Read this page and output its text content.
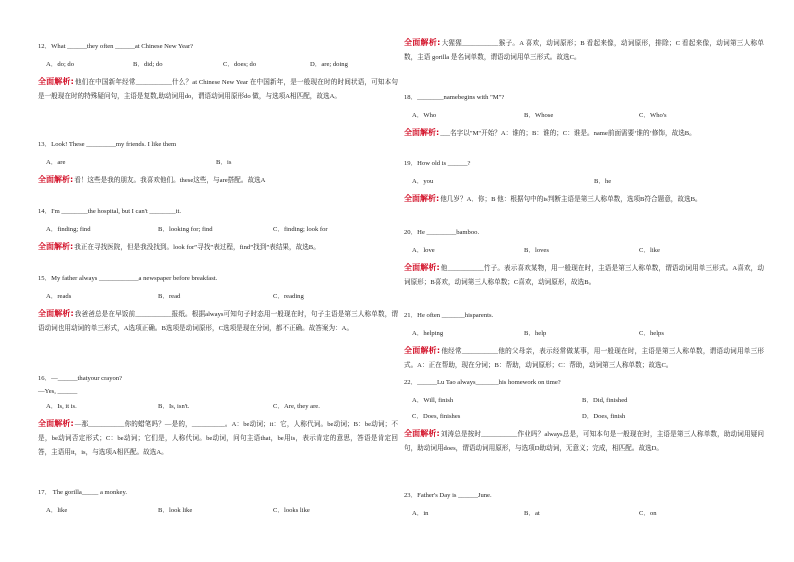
12．What ______they often ______at Chinese New Year?
A．do; do	B．did; do	C．does; do	D．are; doing
全面解析:他们在中国新年经常___________什么？at Chinese New Year 在中国新年，是一般现在时的时间状语，可知本句是一般现在时的特殊疑问句，主语是复数,助动词用do，谓语动词用原形do 做，与选项A相匹配，故选A。
13．Look! These _________my friends. I like them
A．are	B．is
全面解析:看！这些是我的朋友。我喜欢他们。these这些，与are搭配。故选A
14．I'm ________the hospital, but I can't ________it.
A．finding; find	B．looking for; find	C．finding; look for
全面解析:我正在寻找医院，但是我没找到。look for”寻找”表过程，find”找到”表结果，故选B。
15．My father always ____________a newspaper before breakfast.
A．reads	B．read	C．reading
全面解析:我爸爸总是在早饭前___________报纸。根据always可知句子时态用一般现在时，句子主语是第三人称单数，谓语动词也用动词的单三形式，A选项正确。B选项是动词原形，C选项是现在分词，都不正确。故答案为：A。
16．—______thatyour crayon?
—Yes, ______
A．Is, it is.	B．Is, isn't.	C．Are, they are.
全面解析:—那___________你的蜡笔吗？—是的，__________。A：be动词；it：它，人称代词。be动词；B：be动词；不是，be动词否定形式；C：be动词；它们是，人称代词。be动词，问句主语that，be用is，表示肯定的意思，答语是肯定回答，主语用it，is，与选项A相匹配。故选A。
17． The gorilla_____ a monkey.
A．like	B．look like	C．looks like
全面解析:大猩猩___________猴子。A 喜欢，动词原形；B 看起来像，动词原形，排除；C 看起来像，动词第三人称单数，主语 gorilla 是名词单数，谓语动词用单三形式。故选C。
18．________namebegins with "M"?
A．Who	B．Whose	C．Who's
全面解析:___名字以"M"开始？A：谁的；B：谁的；C：谁是。name前面需要‘谁的’修饰，故选B。
19．How old is ______?
A．you	B．he
全面解析:他几岁？A．你；B 他：根据句中的is判断主语是第三人称单数，选项B符合题意，故选B。
20．He _________bamboo.
A．love	B．loves	C．like
全面解析:他___________竹子。表示喜欢某物，用一般现在时，主语是第三人称单数，谓语动词用单三形式。A喜欢，动词原形；B喜欢，动词第三人称单数；C喜欢，动词原形，故选B。
21．He often _______hisparents.
A．helping	B．help	C．helps
全面解析:他经常___________他的父母亲，表示经常做某事，用一般现在时，主语是第三人称单数，谓语动词用单三形式。A：正在帮助，现在分词；B：帮助，动词原形；C：帮助，动词第三人称单数；故选C。
22．______Lu Tao always_______his homework on time?
A．Will, finish	B．Did, finished
C．Does, finishes	D．Does, finish
全面解析:刘涛总是按时___________作业吗？always总是，可知本句是一般现在时，主语是第三人称单数，助动词用疑问句，助动词用does，谓语动词用原形，与选项D助动词，无意义；完成，相匹配。故选D。
23．Father's Day is ______June.
A．in	B．at	C．on
